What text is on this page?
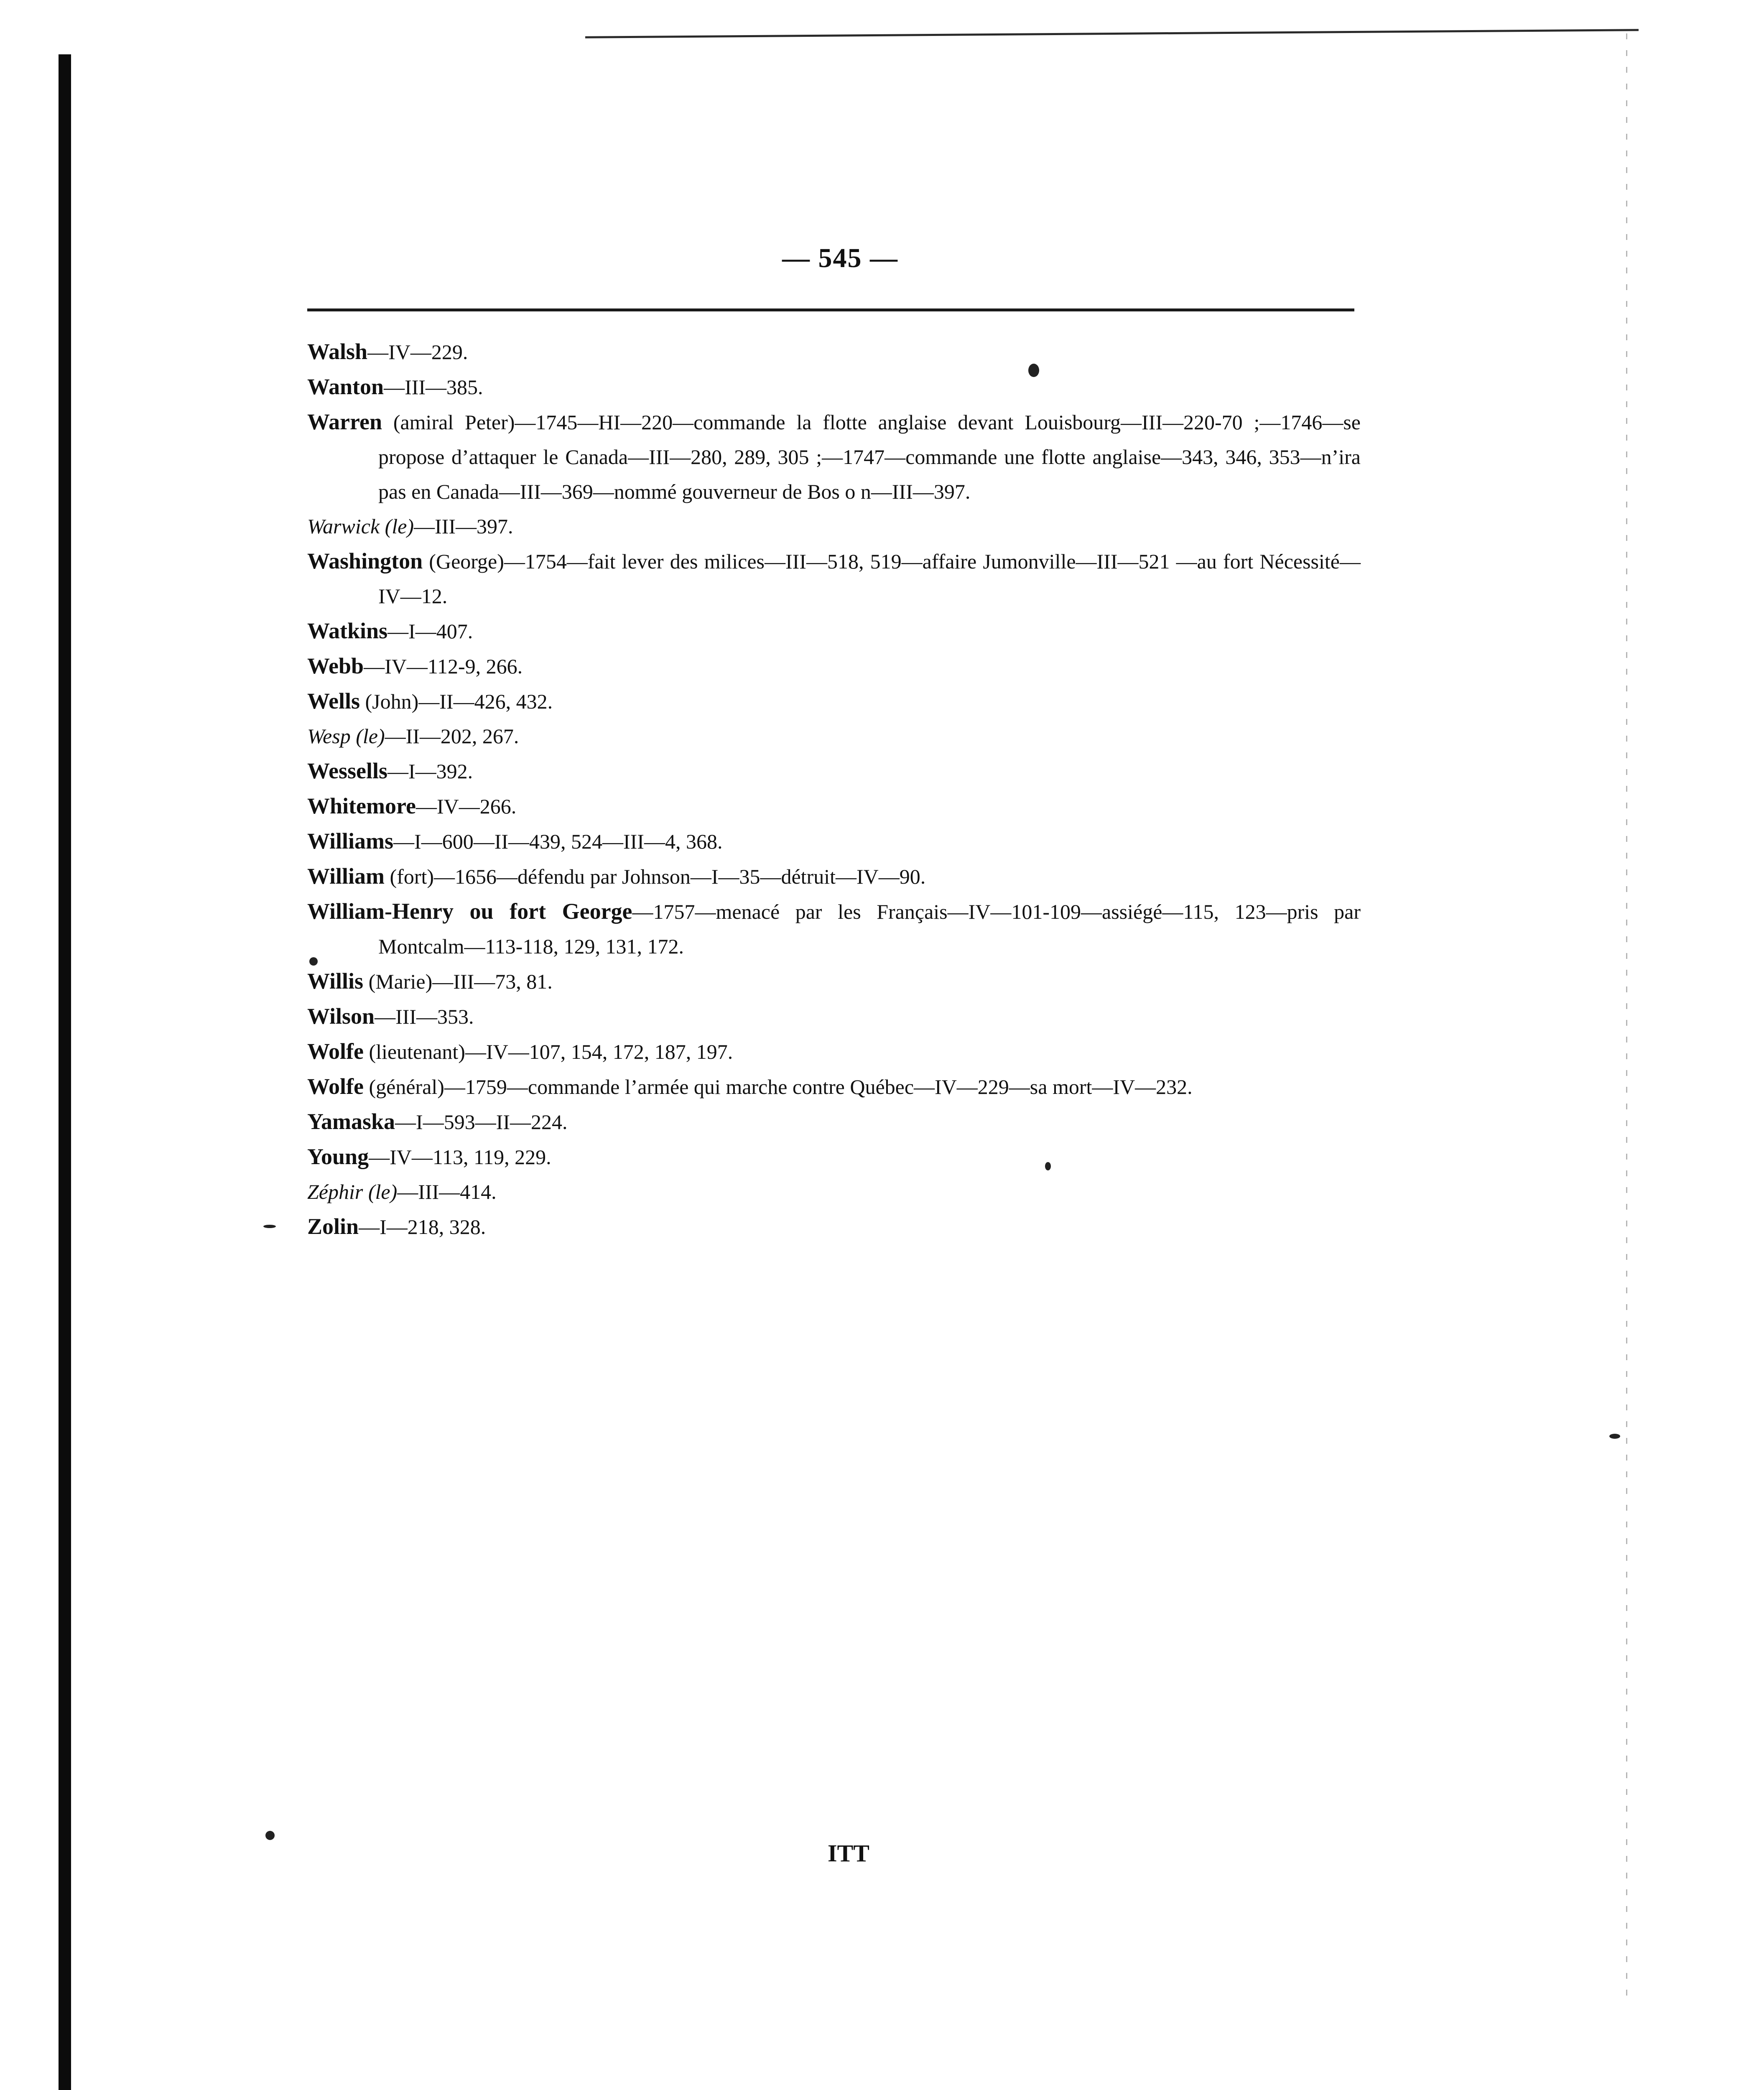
— 545 —
Walsh—IV—229.
Wanton—III—385.
Warren (amiral Peter)—1745—HI—220—commande la flotte anglaise devant Louisbourg—III—220-70 ;—1746—se propose d’attaquer le Canada—III—280, 289, 305 ;—1747—commande une flotte anglaise—343, 346, 353—n’ira pas en Canada—III—369—nommé gouverneur de Bos o n—III—397.
Warwick (le)—III—397.
Washington (George)—1754—fait lever des milices—III—518, 519—affaire Jumonville—III—521 —au fort Nécessité—IV—12.
Watkins—I—407.
Webb—IV—112-9, 266.
Wells (John)—II—426, 432.
Wesp (le)—II—202, 267.
Wessells—I—392.
Whitemore—IV—266.
Williams—I—600—II—439, 524—III—4, 368.
William (fort)—1656—défendu par Johnson—I—35—détruit—IV—90.
William-Henry ou fort George—1757—menacé par les Français—IV—101-109—assiégé—115, 123—pris par Montcalm—113-118, 129, 131, 172.
Willis (Marie)—III—73, 81.
Wilson—III—353.
Wolfe (lieutenant)—IV—107, 154, 172, 187, 197.
Wolfe (général)—1759—commande l’armée qui marche contre Québec—IV—229—sa mort—IV—232.
Yamaska—I—593—II—224.
Young—IV—113, 119, 229.
Zéphir (le)—III—414.
Zolin—I—218, 328.
ITT
